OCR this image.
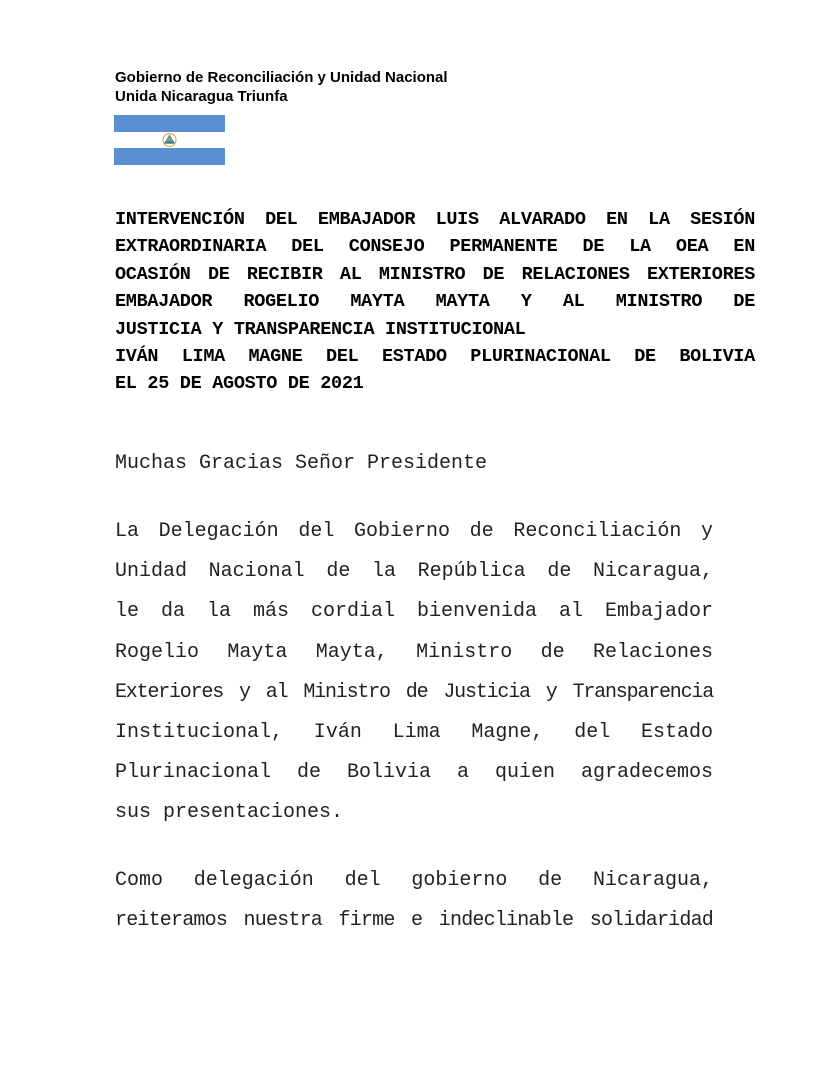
Gobierno de Reconciliación y Unidad Nacional
Unida Nicaragua Triunfa
INTERVENCIÓN DEL EMBAJADOR LUIS ALVARADO EN LA SESIÓN
EXTRAORDINARIA DEL CONSEJO PERMANENTE DE LA OEA EN
OCASIÓN DE RECIBIR AL MINISTRO DE RELACIONES EXTERIORES
EMBAJADOR ROGELIO MAYTA MAYTA Y AL MINISTRO DE
JUSTICIA Y TRANSPARENCIA INSTITUCIONAL
IVÁN LIMA MAGNE DEL ESTADO PLURINACIONAL DE BOLIVIA
EL 25 DE AGOSTO DE 2021
Muchas Gracias Señor Presidente
La Delegación del Gobierno de Reconciliación y
Unidad Nacional de la República de Nicaragua,
le da la más cordial bienvenida al Embajador
Rogelio Mayta Mayta, Ministro de Relaciones
Exteriores y al Ministro de Justicia y Transparencia
Institucional, Iván Lima Magne, del Estado
Plurinacional de Bolivia a quien agradecemos
sus presentaciones.
Como delegación del gobierno de Nicaragua,
reiteramos nuestra firme e indeclinable solidaridad
